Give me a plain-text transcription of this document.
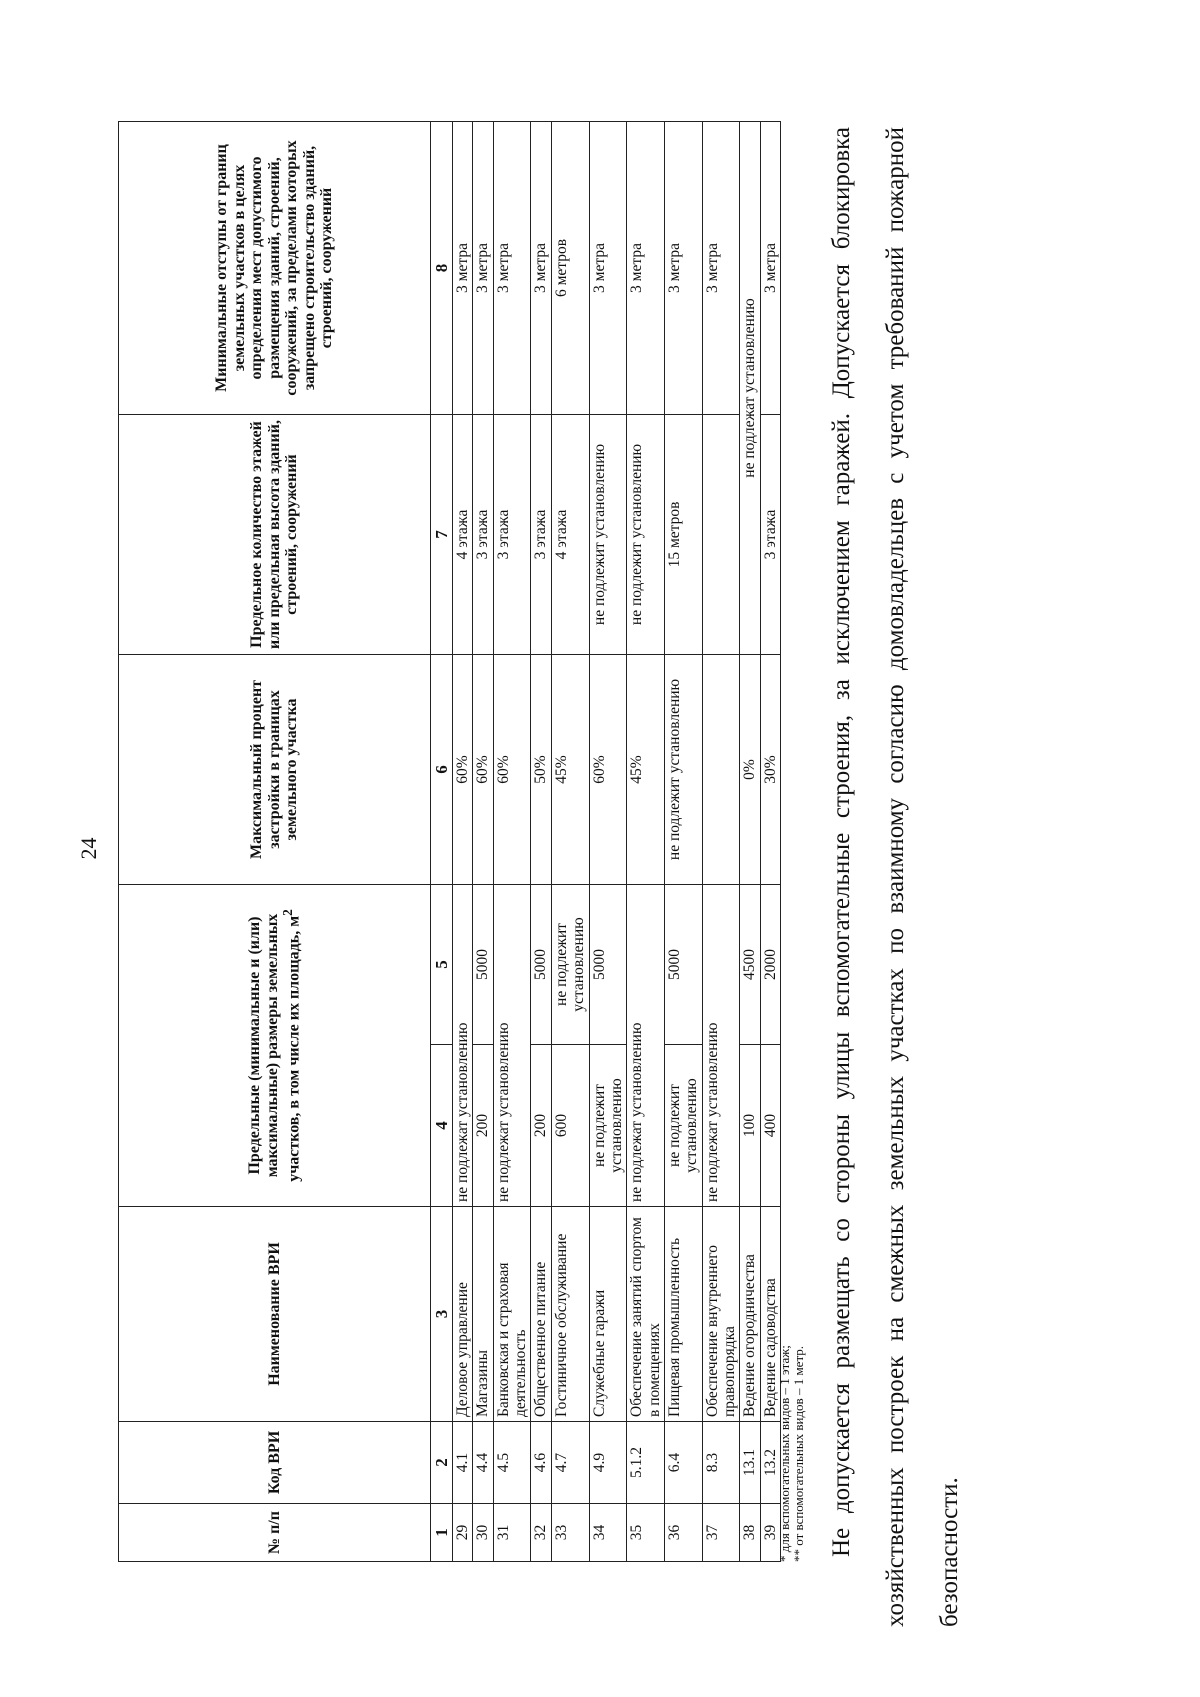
24
№ п/п	Код ВРИ	Наименование ВРИ	Предельные (минимальные и (или) максимальные) размеры земельных участков, в том числе их площадь, $м^2$		Максимальный процент застройки в границах земельного участка	Предельное количество этажей или предельная высота зданий, строений, сооружений	Минимальные отступы от границ земельных участков в целях определения мест допустимого размещения зданий, строений, сооружений, за пределами которых запрещено строительство зданий, строений, сооружений
1	2	3	4	5	6	7	8
29	4.1	Деловое управление	не подлежат установлению		60%	4 этажа	3 метра
30	4.4	Магазины	200	5000	60%	3 этажа	3 метра
31	4.5	Банковская и страховая деятельность	не подлежат установлению		60%	3 этажа	3 метра
32	4.6	Общественное питание	200	5000	50%	3 этажа	3 метра
33	4.7	Гостиничное обслуживание	600	не подлежит установлению	45%	4 этажа	6 метров
34	4.9	Служебные гаражи	не подлежит установлению	5000	60%	не подлежит установлению	3 метра
35	5.1.2	Обеспечение занятий спортом в помещениях	не подлежат установлению		45%	не подлежит установлению	3 метра
36	6.4	Пищевая промышленность	не подлежит установлению	5000	не подлежит установлению	15 метров	3 метра
37	8.3	Обеспечение внутреннего правопорядка	не подлежат установлению				3 метра
38	13.1	Ведение огородничества	100	4500	0%	не подлежат установлению	
39	13.2	Ведение садоводства	400	2000	30%	3 этажа	3 метра
* для вспомогательных видов – 1 этаж; ** от вспомогательных видов – 1 метр. Не допускается размещать со стороны улицы вспомогательные строения, за исключением гаражей. Допускается блокировка хозяйственных построек на смежных земельных участках по взаимному согласию домовладельцев с учетом требований пожарной безопасности.
